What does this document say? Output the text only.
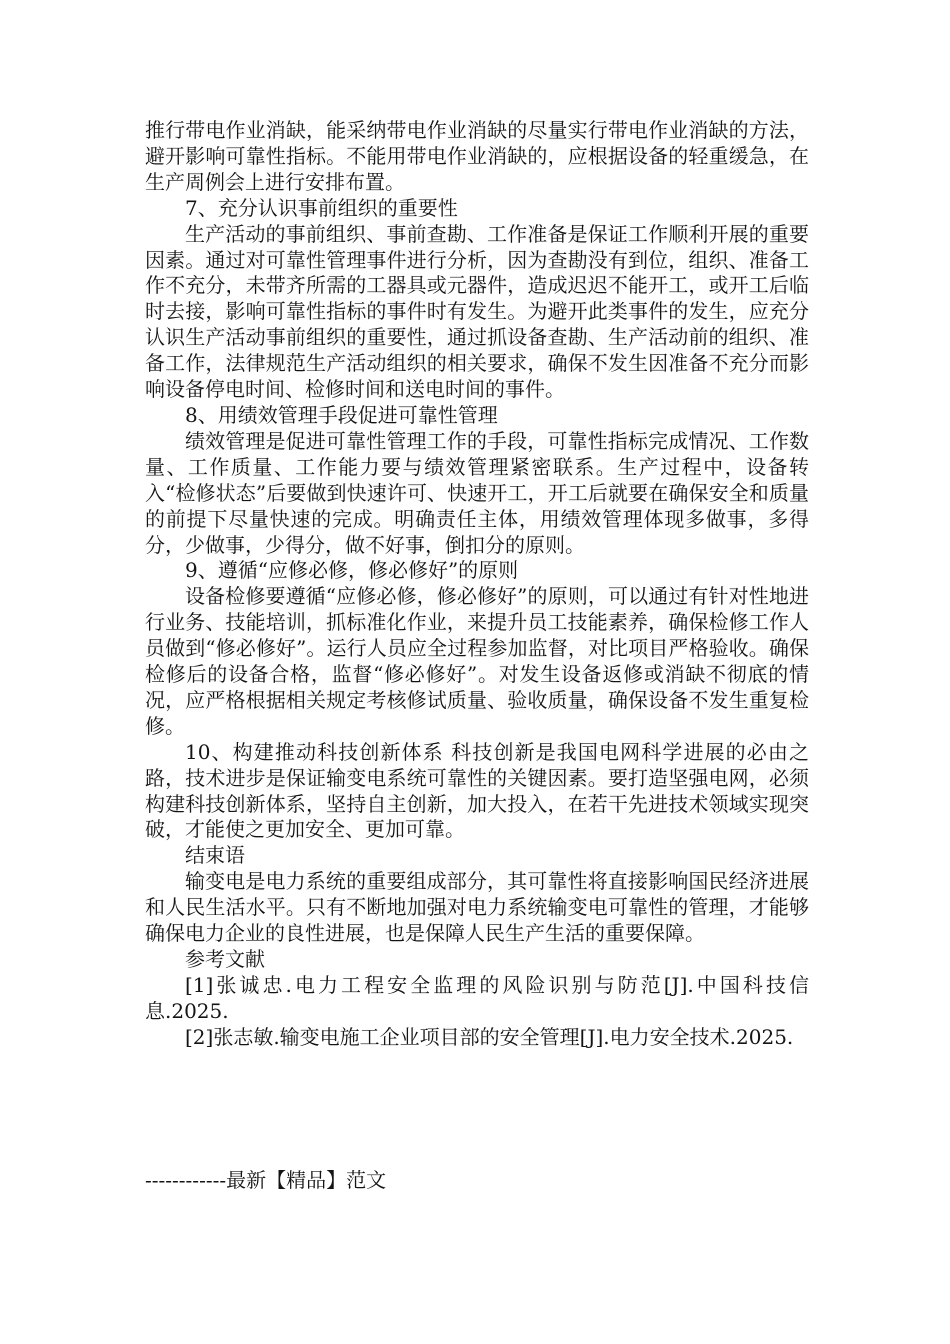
推行带电作业消缺，能采纳带电作业消缺的尽量实行带电作业消缺的方法，避开影响可靠性指标。不能用带电作业消缺的，应根据设备的轻重缓急，在生产周例会上进行安排布置。

7、充分认识事前组织的重要性

生产活动的事前组织、事前查勘、工作准备是保证工作顺利开展的重要因素。通过对可靠性管理事件进行分析，因为查勘没有到位，组织、准备工作不充分，未带齐所需的工器具或元器件，造成迟迟不能开工，或开工后临时去接，影响可靠性指标的事件时有发生。为避开此类事件的发生，应充分认识生产活动事前组织的重要性，通过抓设备查勘、生产活动前的组织、准备工作，法律规范生产活动组织的相关要求，确保不发生因准备不充分而影响设备停电时间、检修时间和送电时间的事件。

8、用绩效管理手段促进可靠性管理

绩效管理是促进可靠性管理工作的手段，可靠性指标完成情况、工作数量、工作质量、工作能力要与绩效管理紧密联系。生产过程中，设备转入“检修状态”后要做到快速许可、快速开工，开工后就要在确保安全和质量的前提下尽量快速的完成。明确责任主体，用绩效管理体现多做事，多得分，少做事，少得分，做不好事，倒扣分的原则。

9、遵循“应修必修，修必修好”的原则

设备检修要遵循“应修必修，修必修好”的原则，可以通过有针对性地进行业务、技能培训，抓标准化作业，来提升员工技能素养，确保检修工作人员做到“修必修好”。运行人员应全过程参加监督，对比项目严格验收。确保检修后的设备合格，监督“修必修好”。对发生设备返修或消缺不彻底的情况，应严格根据相关规定考核修试质量、验收质量，确保设备不发生重复检修。

10、构建推动科技创新体系 科技创新是我国电网科学进展的必由之路，技术进步是保证输变电系统可靠性的关键因素。要打造坚强电网，必须构建科技创新体系，坚持自主创新，加大投入，在若干先进技术领域实现突破，才能使之更加安全、更加可靠。

结束语

输变电是电力系统的重要组成部分，其可靠性将直接影响国民经济进展和人民生活水平。只有不断地加强对电力系统输变电可靠性的管理，才能够确保电力企业的良性进展，也是保障人民生产生活的重要保障。

参考文献

[1]张诚忠.电力工程安全监理的风险识别与防范[J].中国科技信息.2025.

[2]张志敏.输变电施工企业项目部的安全管理[J].电力安全技术.2025.

------------最新【精品】范文
